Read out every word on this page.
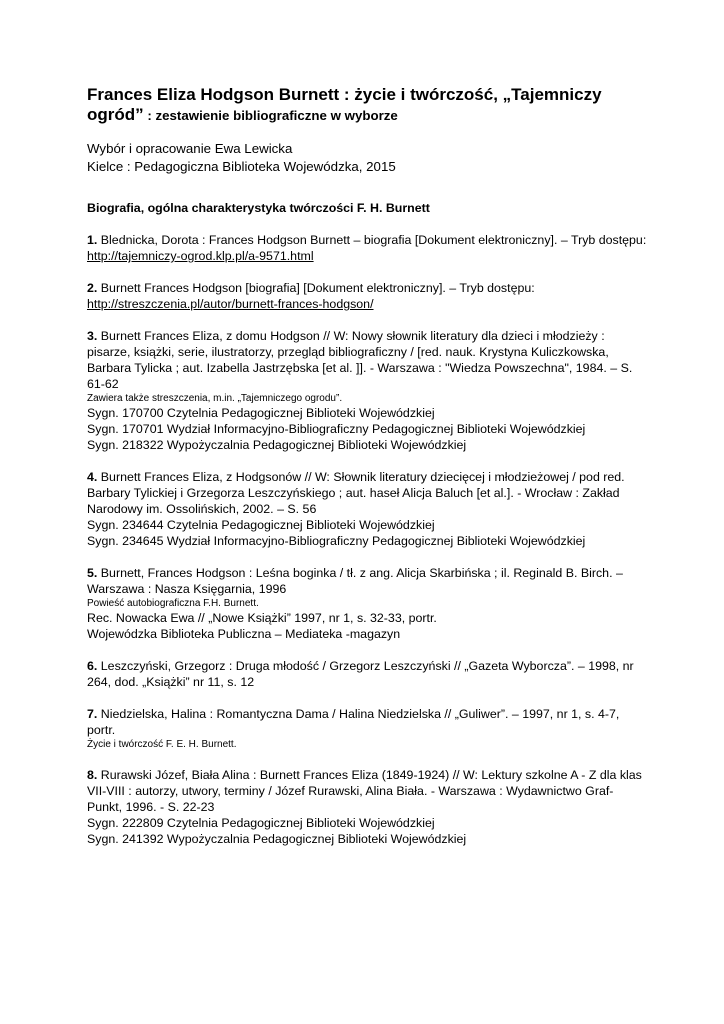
Frances Eliza Hodgson Burnett : życie i twórczość, „Tajemniczy ogród” : zestawienie bibliograficzne w wyborze
Wybór i opracowanie Ewa Lewicka
Kielce : Pedagogiczna Biblioteka Wojewódzka, 2015
Biografia, ogólna charakterystyka twórczości F. H. Burnett
1. Blednicka, Dorota : Frances Hodgson Burnett – biografia [Dokument elektroniczny]. – Tryb dostępu: http://tajemniczy-ogrod.klp.pl/a-9571.html
2. Burnett Frances Hodgson [biografia] [Dokument elektroniczny]. – Tryb dostępu: http://streszczenia.pl/autor/burnett-frances-hodgson/
3. Burnett Frances Eliza, z domu Hodgson // W: Nowy słownik literatury dla dzieci i młodzieży : pisarze, książki, serie, ilustratorzy, przegląd bibliograficzny / [red. nauk. Krystyna Kuliczkowska, Barbara Tylicka ; aut. Izabella Jastrzębska [et al. ]]. - Warszawa : "Wiedza Powszechna", 1984. – S. 61-62
Zawiera także streszczenia, m.in. „Tajemniczego ogrodu”.
Sygn. 170700 Czytelnia Pedagogicznej Biblioteki Wojewódzkiej
Sygn. 170701 Wydział Informacyjno-Bibliograficzny Pedagogicznej Biblioteki Wojewódzkiej
Sygn. 218322 Wypożyczalnia Pedagogicznej Biblioteki Wojewódzkiej
4. Burnett Frances Eliza, z Hodgsonów // W: Słownik literatury dziecięcej i młodzieżowej / pod red. Barbary Tylickiej i Grzegorza Leszczyńskiego ; aut. haseł Alicja Baluch [et al.]. - Wrocław : Zakład Narodowy im. Ossolińskich, 2002. – S. 56
Sygn. 234644 Czytelnia Pedagogicznej Biblioteki Wojewódzkiej
Sygn. 234645 Wydział Informacyjno-Bibliograficzny Pedagogicznej Biblioteki Wojewódzkiej
5. Burnett, Frances Hodgson : Leśna boginka / tł. z ang. Alicja Skarbińska ; il. Reginald B. Birch. – Warszawa : Nasza Księgarnia, 1996
Powieść autobiograficzna F.H. Burnett.
Rec. Nowacka Ewa // „Nowe Książki” 1997, nr 1, s. 32-33, portr.
Wojewódzka Biblioteka Publiczna – Mediateka -magazyn
6. Leszczyński, Grzegorz : Druga młodość / Grzegorz Leszczyński // „Gazeta Wyborcza”. – 1998, nr 264, dod. „Książki” nr 11, s. 12
7. Niedzielska, Halina : Romantyczna Dama / Halina Niedzielska // „Guliwer”. – 1997, nr 1, s. 4-7, portr.
Życie i twórczość F. E. H. Burnett.
8. Rurawski Józef, Biała Alina : Burnett Frances Eliza (1849-1924) // W: Lektury szkolne A - Z dla klas VII-VIII : autorzy, utwory, terminy / Józef Rurawski, Alina Biała. - Warszawa : Wydawnictwo Graf-Punkt, 1996. - S. 22-23
Sygn. 222809 Czytelnia Pedagogicznej Biblioteki Wojewódzkiej
Sygn. 241392 Wypożyczalnia Pedagogicznej Biblioteki Wojewódzkiej
